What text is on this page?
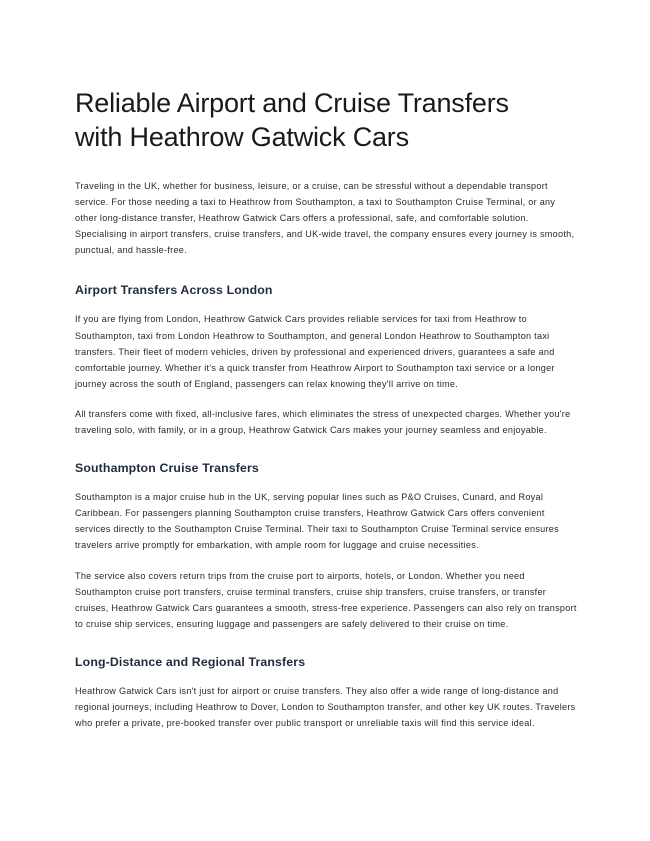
Reliable Airport and Cruise Transfers with Heathrow Gatwick Cars

Traveling in the UK, whether for business, leisure, or a cruise, can be stressful without a dependable transport service. For those needing a taxi to Heathrow from Southampton, a taxi to Southampton Cruise Terminal, or any other long-distance transfer, Heathrow Gatwick Cars offers a professional, safe, and comfortable solution. Specialising in airport transfers, cruise transfers, and UK-wide travel, the company ensures every journey is smooth, punctual, and hassle-free.

Airport Transfers Across London

If you are flying from London, Heathrow Gatwick Cars provides reliable services for taxi from Heathrow to Southampton, taxi from London Heathrow to Southampton, and general London Heathrow to Southampton taxi transfers. Their fleet of modern vehicles, driven by professional and experienced drivers, guarantees a safe and comfortable journey. Whether it's a quick transfer from Heathrow Airport to Southampton taxi service or a longer journey across the south of England, passengers can relax knowing they'll arrive on time.

All transfers come with fixed, all-inclusive fares, which eliminates the stress of unexpected charges. Whether you're traveling solo, with family, or in a group, Heathrow Gatwick Cars makes your journey seamless and enjoyable.

Southampton Cruise Transfers

Southampton is a major cruise hub in the UK, serving popular lines such as P&O Cruises, Cunard, and Royal Caribbean. For passengers planning Southampton cruise transfers, Heathrow Gatwick Cars offers convenient services directly to the Southampton Cruise Terminal. Their taxi to Southampton Cruise Terminal service ensures travelers arrive promptly for embarkation, with ample room for luggage and cruise necessities.

The service also covers return trips from the cruise port to airports, hotels, or London. Whether you need Southampton cruise port transfers, cruise terminal transfers, cruise ship transfers, cruise transfers, or transfer cruises, Heathrow Gatwick Cars guarantees a smooth, stress-free experience. Passengers can also rely on transport to cruise ship services, ensuring luggage and passengers are safely delivered to their cruise on time.

Long-Distance and Regional Transfers

Heathrow Gatwick Cars isn't just for airport or cruise transfers. They also offer a wide range of long-distance and regional journeys, including Heathrow to Dover, London to Southampton transfer, and other key UK routes. Travelers who prefer a private, pre-booked transfer over public transport or unreliable taxis will find this service ideal.
